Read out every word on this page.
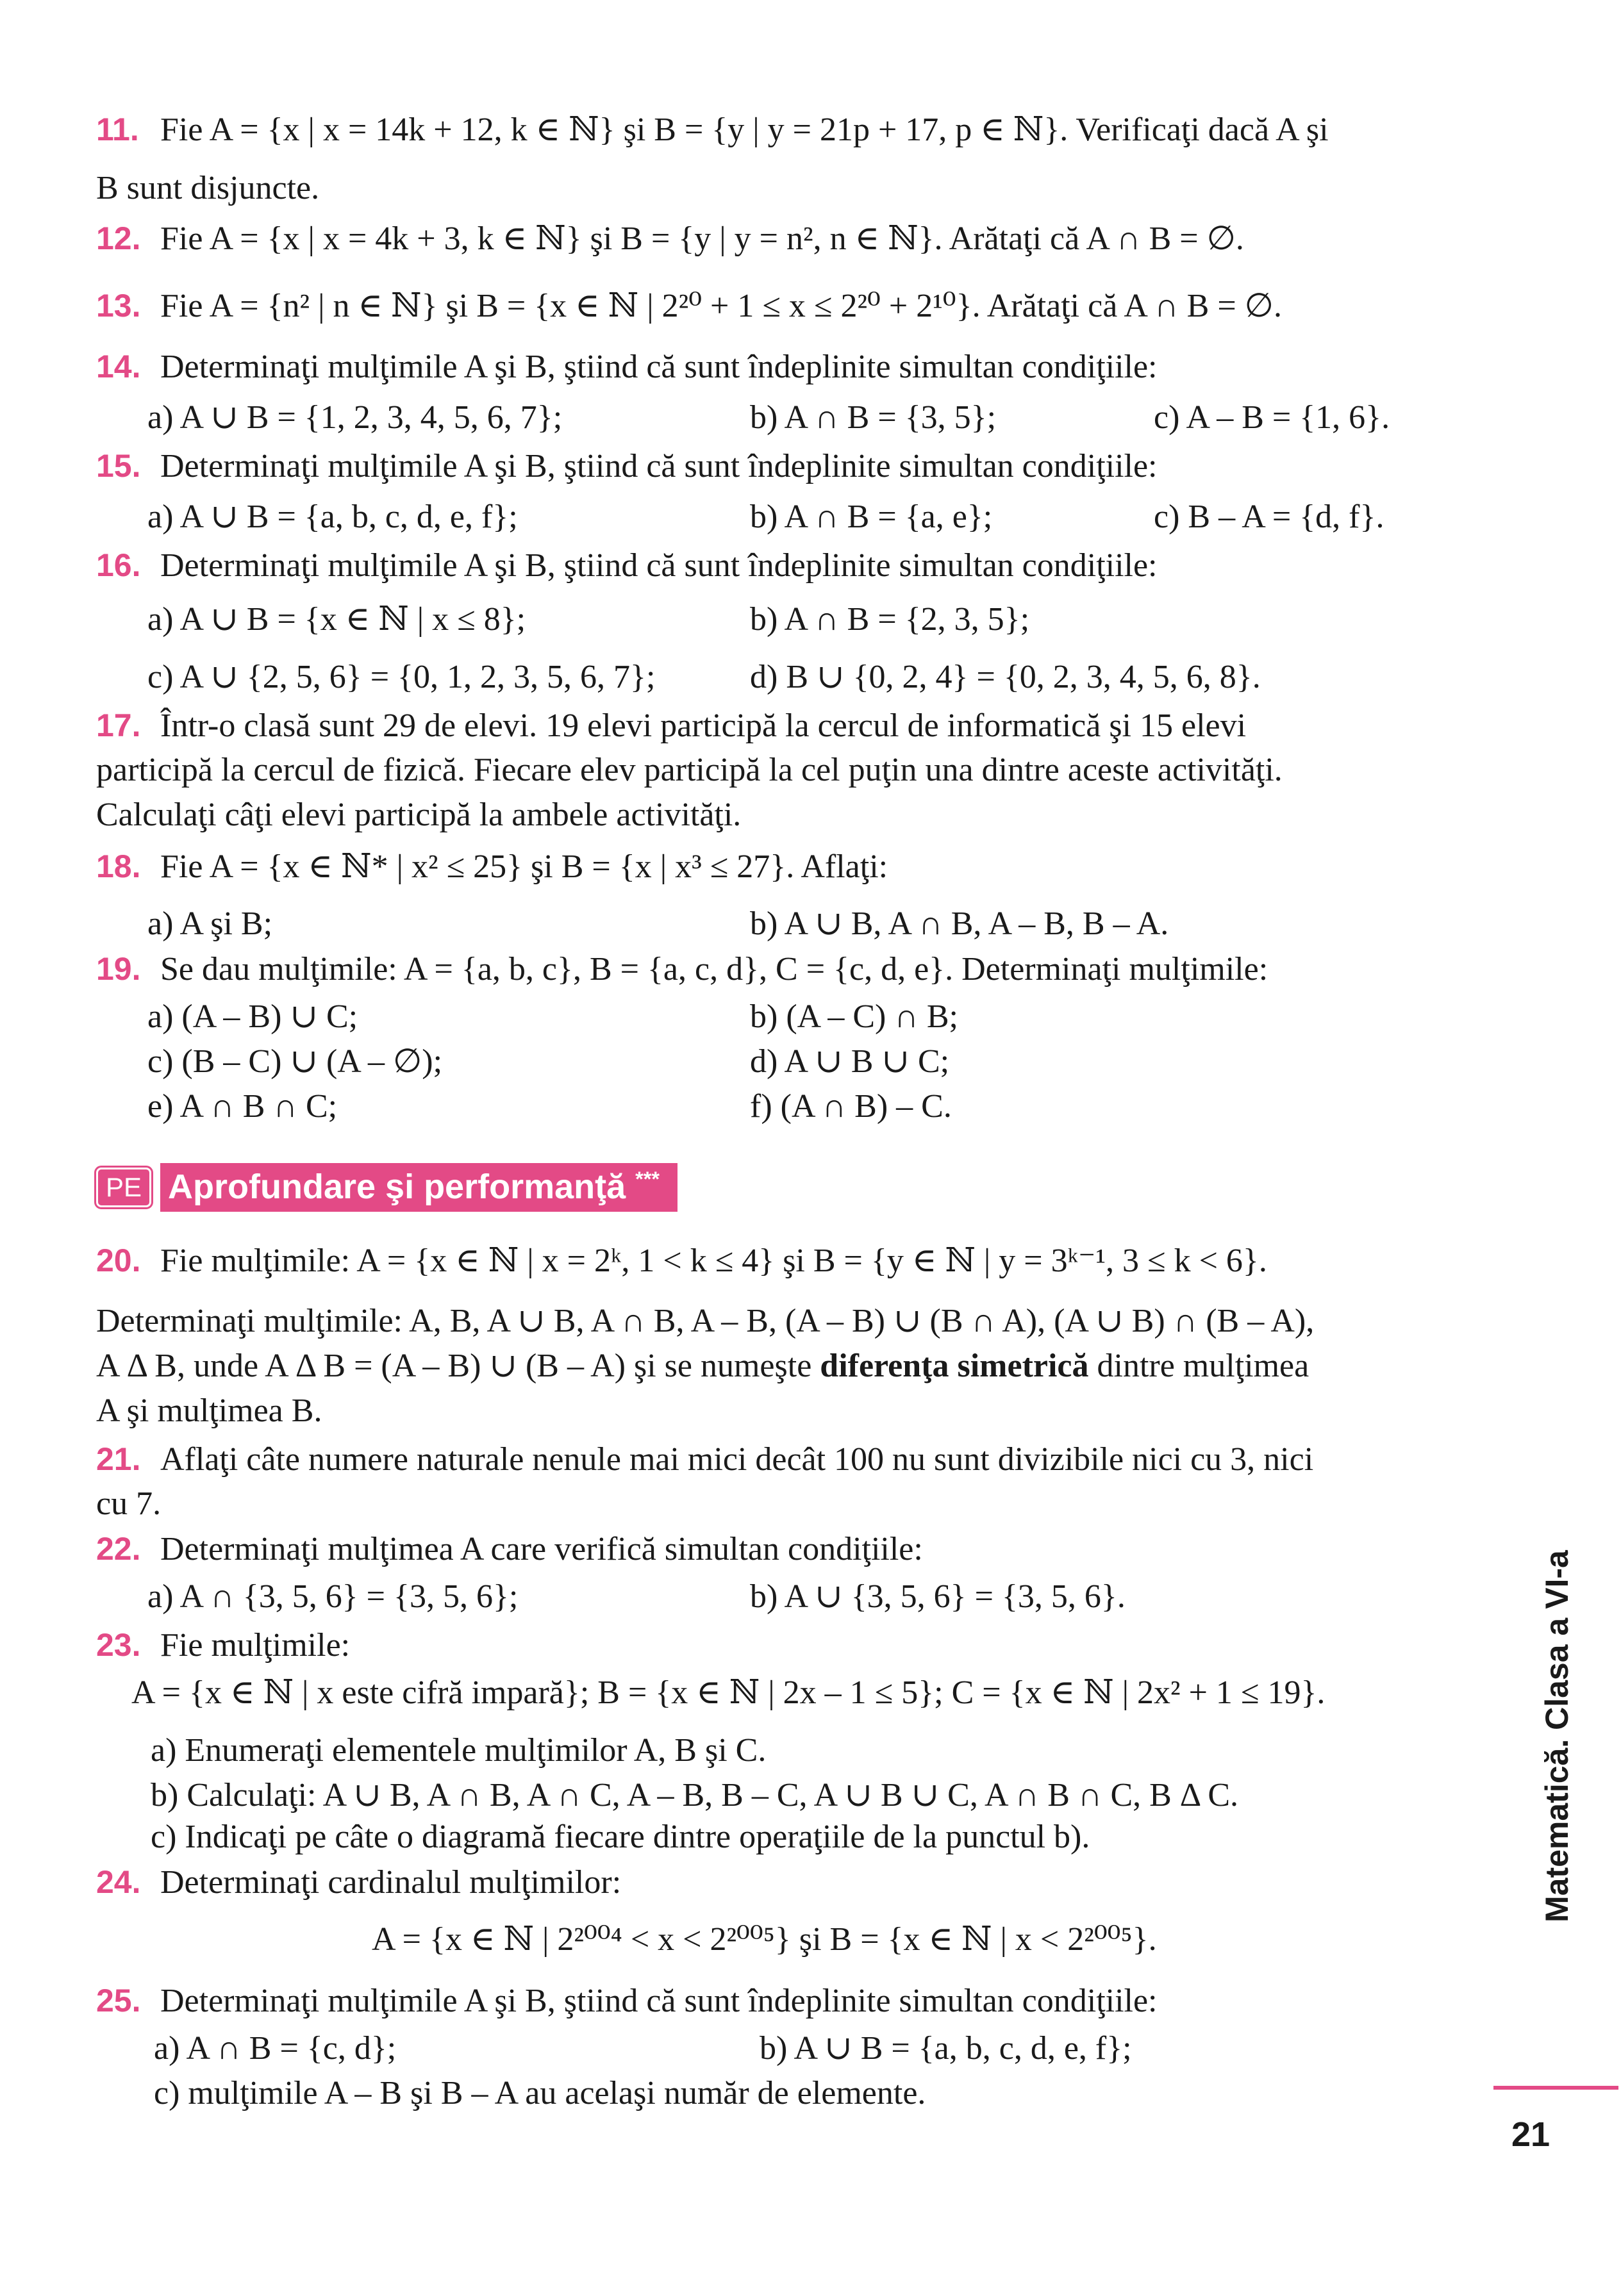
11. Fie A = {x | x = 14k + 12, k ∈ ℕ} şi B = {y | y = 21p + 17, p ∈ ℕ}. Verificaţi dacă A şi
B sunt disjuncte.
12. Fie A = {x | x = 4k + 3, k ∈ ℕ} şi B = {y | y = n², n ∈ ℕ}. Arătaţi că A ∩ B = ∅.
13. Fie A = {n² | n ∈ ℕ} şi B = {x ∈ ℕ | 2²⁰ + 1 ≤ x ≤ 2²⁰ + 2¹⁰}. Arătaţi că A ∩ B = ∅.
14. Determinaţi mulţimile A şi B, ştiind că sunt îndeplinite simultan condiţiile:
a) A ∪ B = {1, 2, 3, 4, 5, 6, 7};	b) A ∩ B = {3, 5};	c) A – B = {1, 6}.
15. Determinaţi mulţimile A şi B, ştiind că sunt îndeplinite simultan condiţiile:
a) A ∪ B = {a, b, c, d, e, f};	b) A ∩ B = {a, e};	c) B – A = {d, f}.
16. Determinaţi mulţimile A şi B, ştiind că sunt îndeplinite simultan condiţiile:
a) A ∪ B = {x ∈ ℕ | x ≤ 8};	b) A ∩ B = {2, 3, 5};
c) A ∪ {2, 5, 6} = {0, 1, 2, 3, 5, 6, 7};	d) B ∪ {0, 2, 4} = {0, 2, 3, 4, 5, 6, 8}.
17. Într-o clasă sunt 29 de elevi. 19 elevi participă la cercul de informatică şi 15 elevi
participă la cercul de fizică. Fiecare elev participă la cel puţin una dintre aceste activităţi.
Calculaţi câţi elevi participă la ambele activităţi.
18. Fie A = {x ∈ ℕ* | x² ≤ 25} şi B = {x | x³ ≤ 27}. Aflaţi:
a) A şi B;	b) A ∪ B, A ∩ B, A – B, B – A.
19. Se dau mulţimile: A = {a, b, c}, B = {a, c, d}, C = {c, d, e}. Determinaţi mulţimile:
a) (A – B) ∪ C;	b) (A – C) ∩ B;
c) (B – C) ∪ (A – ∅);	d) A ∪ B ∪ C;
e) A ∩ B ∩ C;	f) (A ∩ B) – C.
PE Aprofundare şi performanţă ***
20. Fie mulţimile: A = {x ∈ ℕ | x = 2ᵏ, 1 < k ≤ 4} şi B = {y ∈ ℕ | y = 3ᵏ⁻¹, 3 ≤ k < 6}.
Determinaţi mulţimile: A, B, A ∪ B, A ∩ B, A – B, (A – B) ∪ (B ∩ A), (A ∪ B) ∩ (B – A),
A Δ B, unde A Δ B = (A – B) ∪ (B – A) şi se numeşte diferenţa simetrică dintre mulţimea
A şi mulţimea B.
21. Aflaţi câte numere naturale nenule mai mici decât 100 nu sunt divizibile nici cu 3, nici
cu 7.
22. Determinaţi mulţimea A care verifică simultan condiţiile:
a) A ∩ {3, 5, 6} = {3, 5, 6};	b) A ∪ {3, 5, 6} = {3, 5, 6}.
23. Fie mulţimile:
A = {x ∈ ℕ | x este cifră impară}; B = {x ∈ ℕ | 2x – 1 ≤ 5}; C = {x ∈ ℕ | 2x² + 1 ≤ 19}.
a) Enumeraţi elementele mulţimilor A, B şi C.
b) Calculaţi: A ∪ B, A ∩ B, A ∩ C, A – B, B – C, A ∪ B ∪ C, A ∩ B ∩ C, B Δ C.
c) Indicaţi pe câte o diagramă fiecare dintre operaţiile de la punctul b).
24. Determinaţi cardinalul mulţimilor:
A = {x ∈ ℕ | 2²⁰⁰⁴ < x < 2²⁰⁰⁵} şi B = {x ∈ ℕ | x < 2²⁰⁰⁵}.
25. Determinaţi mulţimile A şi B, ştiind că sunt îndeplinite simultan condiţiile:
a) A ∩ B = {c, d};	b) A ∪ B = {a, b, c, d, e, f};
c) mulţimile A – B şi B – A au acelaşi număr de elemente.
Matematică. Clasa a VI-a
21
